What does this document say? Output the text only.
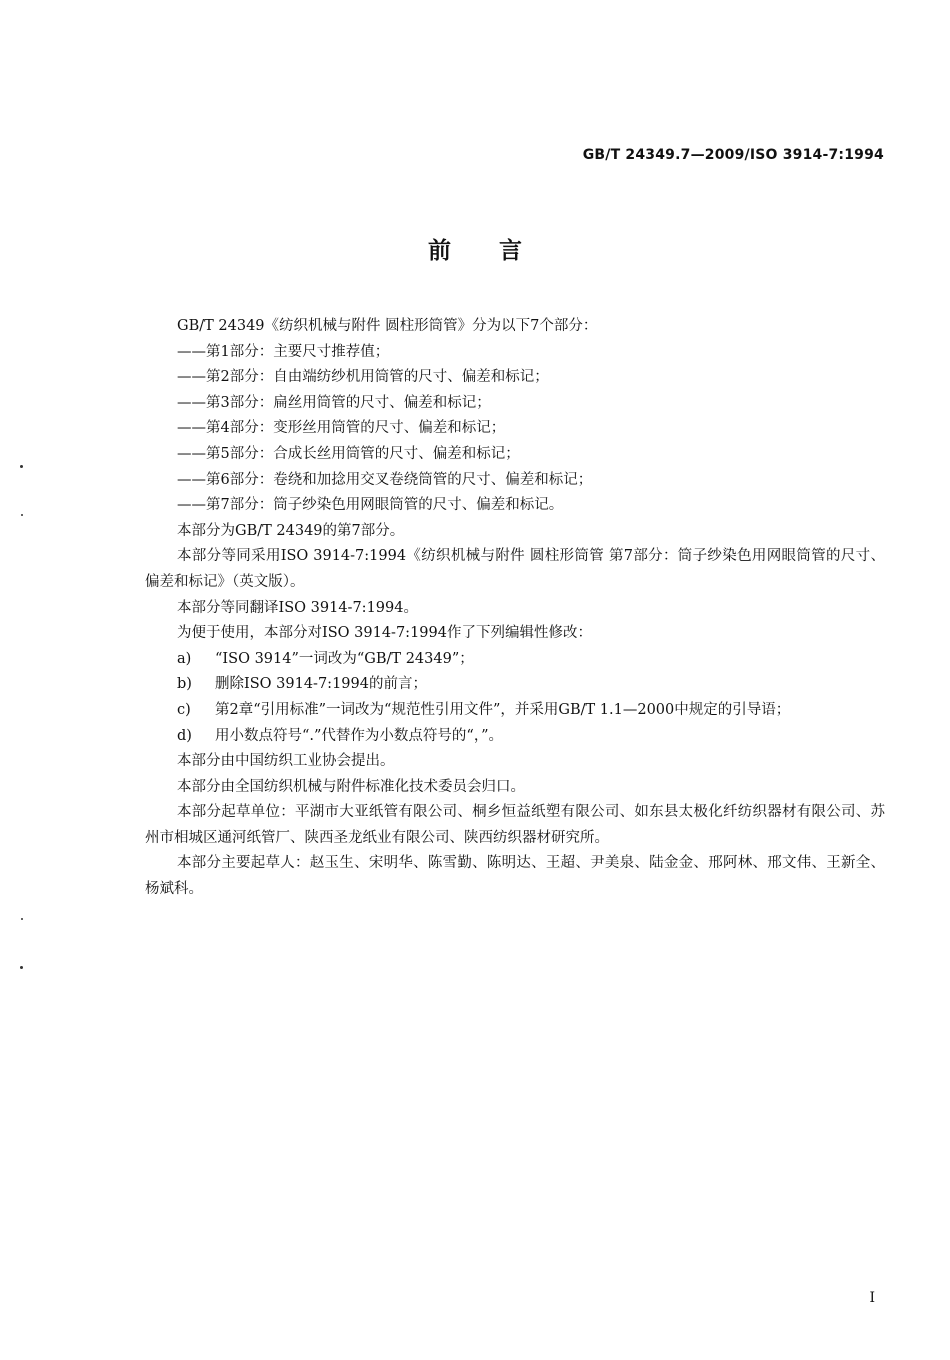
GB/T 24349.7—2009/ISO 3914-7:1994
前言
GB/T 24349《纺织机械与附件 圆柱形筒管》分为以下7个部分：
——第1部分：主要尺寸推荐值；
——第2部分：自由端纺纱机用筒管的尺寸、偏差和标记；
——第3部分：扁丝用筒管的尺寸、偏差和标记；
——第4部分：变形丝用筒管的尺寸、偏差和标记；
——第5部分：合成长丝用筒管的尺寸、偏差和标记；
——第6部分：卷绕和加捻用交叉卷绕筒管的尺寸、偏差和标记；
——第7部分：筒子纱染色用网眼筒管的尺寸、偏差和标记。
本部分为GB/T 24349的第7部分。
本部分等同采用ISO 3914-7:1994《纺织机械与附件 圆柱形筒管 第7部分：筒子纱染色用网眼筒管的尺寸、偏差和标记》（英文版）。
本部分等同翻译ISO 3914-7:1994。
为便于使用，本部分对ISO 3914-7:1994作了下列编辑性修改：
a) “ISO 3914”一词改为“GB/T 24349”；
b) 删除ISO 3914-7:1994的前言；
c) 第2章“引用标准”一词改为“规范性引用文件”，并采用GB/T 1.1—2000中规定的引导语；
d) 用小数点符号“.”代替作为小数点符号的“，”。
本部分由中国纺织工业协会提出。
本部分由全国纺织机械与附件标准化技术委员会归口。
本部分起草单位：平湖市大亚纸管有限公司、桐乡恒益纸塑有限公司、如东县太极化纤纺织器材有限公司、苏州市相城区通河纸管厂、陕西圣龙纸业有限公司、陕西纺织器材研究所。
本部分主要起草人：赵玉生、宋明华、陈雪勤、陈明达、王超、尹美泉、陆金金、邢阿林、邢文伟、王新全、杨斌科。
I
